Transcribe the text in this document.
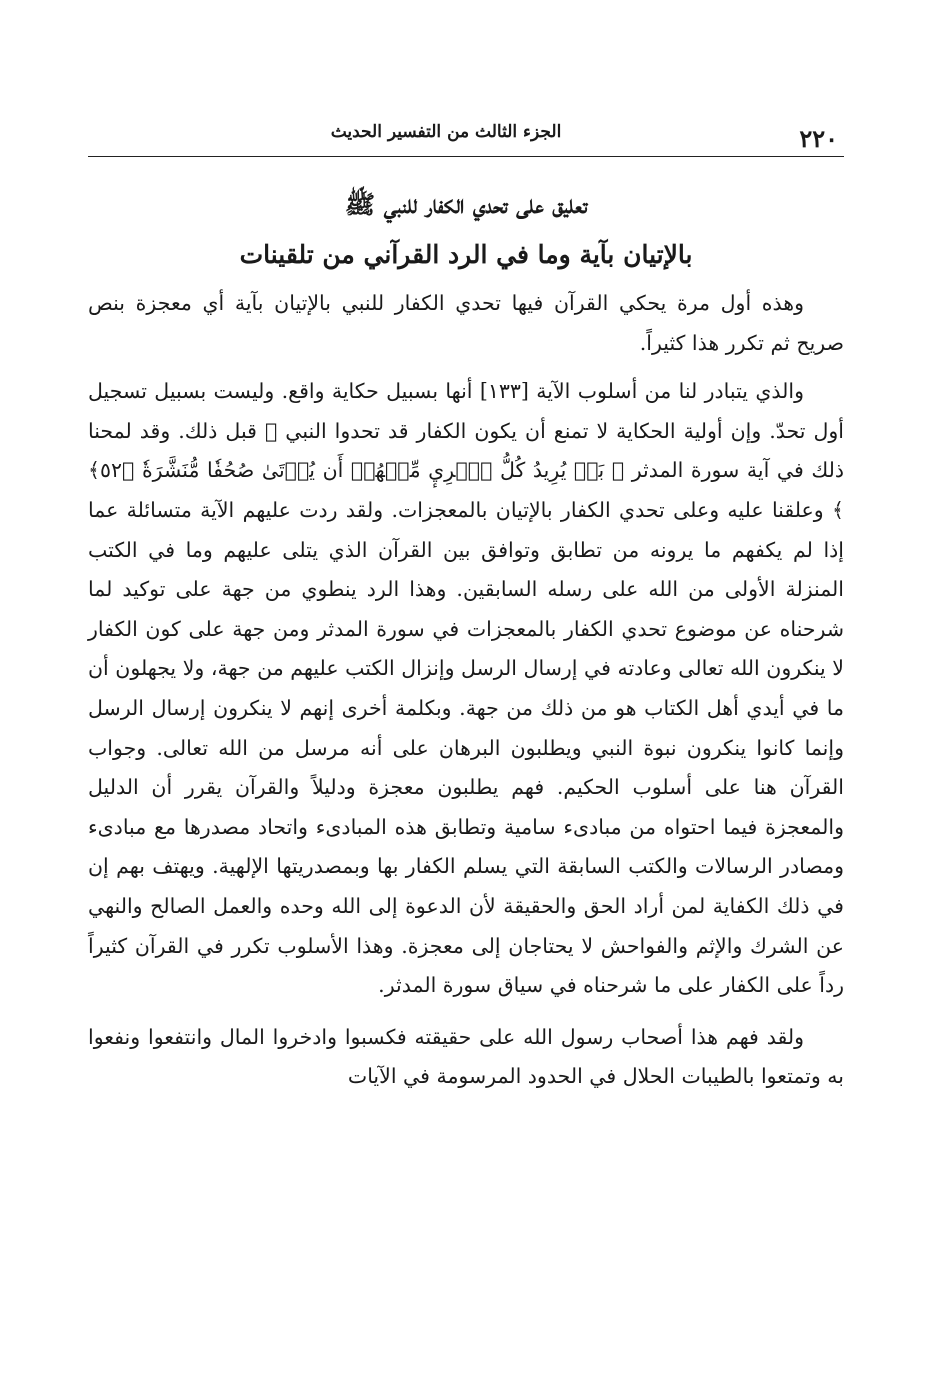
٢٢٠
الجزء الثالث من التفسير الحديث
تعليق على تحدي الكفار للنبي ﷺ
بالإتيان بآية وما في الرد القرآني من تلقينات

وهذه أول مرة يحكي القرآن فيها تحدي الكفار للنبي بالإتيان بآية أي معجزة بنص صريح ثم تكرر هذا كثيراً.

والذي يتبادر لنا من أسلوب الآية [١٣٣] أنها بسبيل حكاية واقع. وليست بسبيل تسجيل أول تحدّ. وإن أولية الحكاية لا تمنع أن يكون الكفار قد تحدوا النبي ﷺ قبل ذلك. وقد لمحنا ذلك في آية سورة المدثر ﴿ بَلۡ يُرِيدُ كُلُّ ٱمۡرِيٕ مِّنۡهُمۡ أَن يُؤۡتَىٰ صُحُفٗا مُّنَشَّرَةٗ ﴿٥٢﴾ ﴾ وعلقنا عليه وعلى تحدي الكفار بالإتيان بالمعجزات. ولقد ردت عليهم الآية متسائلة عما إذا لم يكفهم ما يرونه من تطابق وتوافق بين القرآن الذي يتلى عليهم وما في الكتب المنزلة الأولى من الله على رسله السابقين. وهذا الرد ينطوي من جهة على توكيد لما شرحناه عن موضوع تحدي الكفار بالمعجزات في سورة المدثر ومن جهة على كون الكفار لا ينكرون الله تعالى وعادته في إرسال الرسل وإنزال الكتب عليهم من جهة، ولا يجهلون أن ما في أيدي أهل الكتاب هو من ذلك من جهة. وبكلمة أخرى إنهم لا ينكرون إرسال الرسل وإنما كانوا ينكرون نبوة النبي ويطلبون البرهان على أنه مرسل من الله تعالى. وجواب القرآن هنا على أسلوب الحكيم. فهم يطلبون معجزة ودليلاً والقرآن يقرر أن الدليل والمعجزة فيما احتواه من مبادىء سامية وتطابق هذه المبادىء واتحاد مصدرها مع مبادىء ومصادر الرسالات والكتب السابقة التي يسلم الكفار بها وبمصدريتها الإلهية. ويهتف بهم إن في ذلك الكفاية لمن أراد الحق والحقيقة لأن الدعوة إلى الله وحده والعمل الصالح والنهي عن الشرك والإثم والفواحش لا يحتاجان إلى معجزة. وهذا الأسلوب تكرر في القرآن كثيراً رداً على الكفار على ما شرحناه في سياق سورة المدثر.

ولقد فهم هذا أصحاب رسول الله على حقيقته فكسبوا وادخروا المال وانتفعوا ونفعوا به وتمتعوا بالطيبات الحلال في الحدود المرسومة في الآيات
